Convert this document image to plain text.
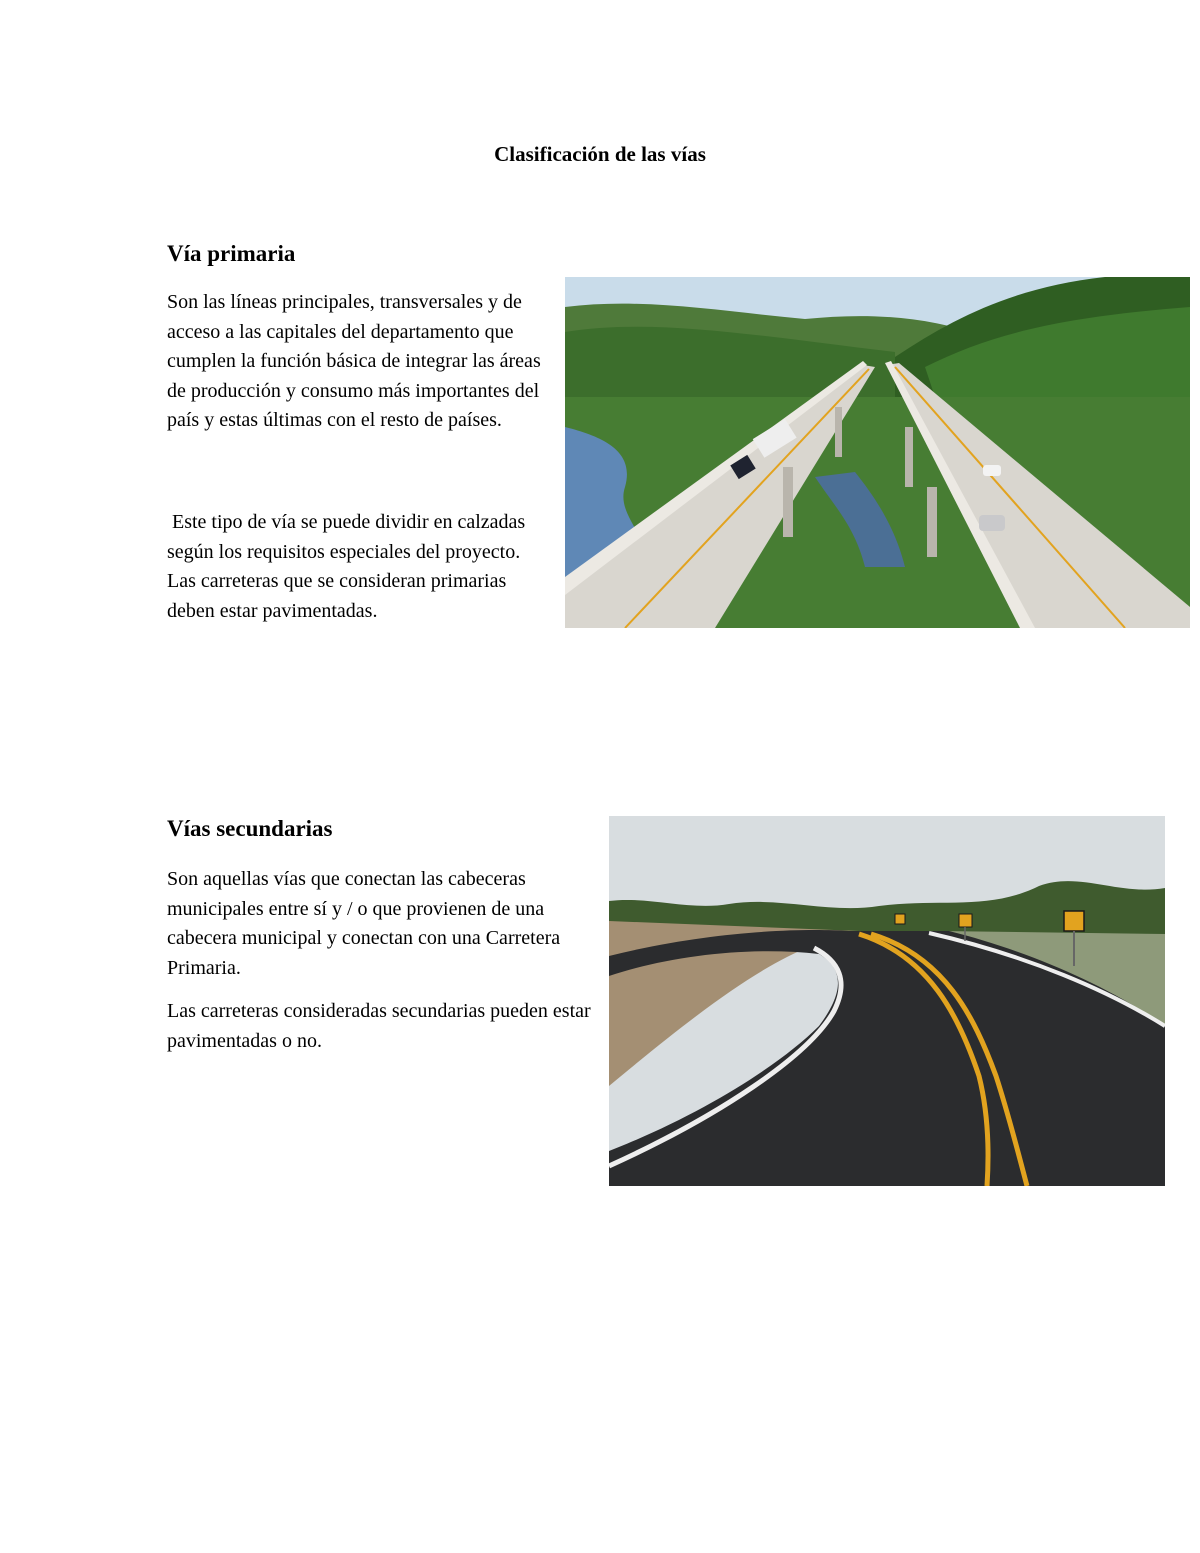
Clasificación de las vías
Vía primaria

Son las líneas principales, transversales y de acceso a las capitales del departamento que cumplen la función básica de integrar las áreas de producción y consumo más importantes del país y estas últimas con el resto de países.

Este tipo de vía se puede dividir en calzadas según los requisitos especiales del proyecto. Las carreteras que se consideran primarias deben estar pavimentadas.

Vías secundarias

Son aquellas vías que conectan las cabeceras municipales entre sí y / o que provienen de una cabecera municipal y conectan con una Carretera Primaria.

Las carreteras consideradas secundarias pueden estar pavimentadas o no.
